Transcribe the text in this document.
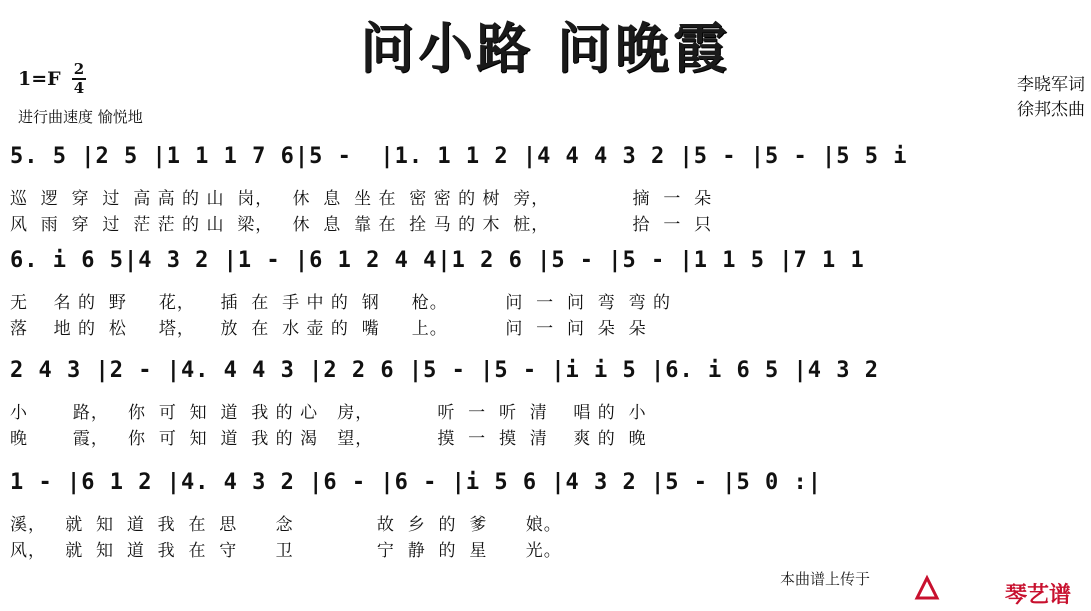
问小路 问晚霞
1=F 2
4
进行曲速度 愉悦地
李晓军词
徐邦杰曲
5. 5 |2 5 |1 1 1 7 6|5 -  |1. 1 1 2 |4 4 4 3 2 |5 - |5 - |5 5 i
巡  逻  穿  过  高 高 的 山  岗，   休  息  坐 在  密 密 的 树  旁，             摘  一  朵
风  雨  穿  过  茫 茫 的 山  梁，   休  息  靠 在  拴 马 的 木  桩，             拾  一  只
6. i 6 5|4 3 2 |1 - |6 1 2 4 4|1 2 6 |5 - |5 - |1 1 5 |7 1 1
无    名 的  野     花，    插  在  手 中 的  钢     枪。         问  一  问  弯  弯 的
落    地 的  松     塔，    放  在  水 壶 的  嘴     上。         问  一  问  朵  朵
2 4 3 |2 - |4. 4 4 3 |2 2 6 |5 - |5 - |i i 5 |6. i 6 5 |4 3 2
小       路，   你  可  知  道  我 的 心   房，          听  一  听  清    唱 的  小
晚       霞，   你  可  知  道  我 的 渴   望，          摸  一  摸  清    爽 的  晚
1 - |6 1 2 |4. 4 3 2 |6 - |6 - |i 5 6 |4 3 2 |5 - |5 0 :|
溪，   就  知  道  我  在  思      念             故  乡  的  爹      娘。
风，   就  知  道  我  在  守      卫             宁  静  的  星      光。
本曲谱上传于
琴艺谱
